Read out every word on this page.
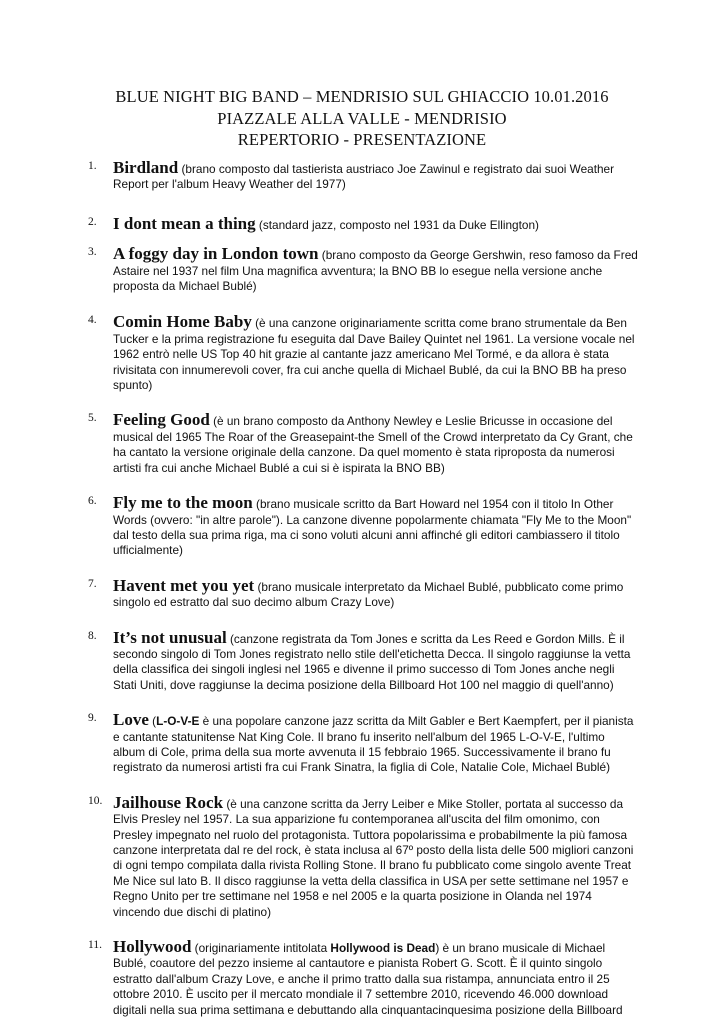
BLUE NIGHT BIG BAND – MENDRISIO SUL GHIACCIO 10.01.2016
PIAZZALE ALLA VALLE - MENDRISIO
REPERTORIO - PRESENTAZIONE
1. Birdland (brano composto dal tastierista austriaco Joe Zawinul e registrato dai suoi Weather Report per l'album Heavy Weather del 1977)
2. I dont mean a thing (standard jazz, composto nel 1931 da Duke Ellington)
3. A foggy day in London town (brano composto da George Gershwin, reso famoso da Fred Astaire nel 1937 nel film Una magnifica avventura; la BNO BB lo esegue nella versione anche proposta da Michael Bublé)
4. Comin Home Baby (è una canzone originariamente scritta come brano strumentale da Ben Tucker e la prima registrazione fu eseguita dal Dave Bailey Quintet nel 1961. La versione vocale nel 1962 entrò nelle US Top 40 hit grazie al cantante jazz americano Mel Tormé, e da allora è stata rivisitata con innumerevoli cover, fra cui anche quella di Michael Bublé, da cui la BNO BB ha preso spunto)
5. Feeling Good (è un brano composto da Anthony Newley e Leslie Bricusse in occasione del musical del 1965 The Roar of the Greasepaint-the Smell of the Crowd interpretato da Cy Grant, che ha cantato la versione originale della canzone. Da quel momento è stata riproposta da numerosi artisti fra cui anche Michael Bublé a cui si è ispirata la BNO BB)
6. Fly me to the moon (brano musicale scritto da Bart Howard nel 1954 con il titolo In Other Words (ovvero: "in altre parole"). La canzone divenne popolarmente chiamata "Fly Me to the Moon" dal testo della sua prima riga, ma ci sono voluti alcuni anni affinché gli editori cambiassero il titolo ufficialmente)
7. Havent met you yet (brano musicale interpretato da Michael Bublé, pubblicato come primo singolo ed estratto dal suo decimo album Crazy Love)
8. It’s not unusual (canzone registrata da Tom Jones e scritta da Les Reed e Gordon Mills. È il secondo singolo di Tom Jones registrato nello stile dell'etichetta Decca. Il singolo raggiunse la vetta della classifica dei singoli inglesi nel 1965 e divenne il primo successo di Tom Jones anche negli Stati Uniti, dove raggiunse la decima posizione della Billboard Hot 100 nel maggio di quell'anno)
9. Love (L-O-V-E è una popolare canzone jazz scritta da Milt Gabler e Bert Kaempfert, per il pianista e cantante statunitense Nat King Cole. Il brano fu inserito nell'album del 1965 L-O-V-E, l'ultimo album di Cole, prima della sua morte avvenuta il 15 febbraio 1965. Successivamente il brano fu registrato da numerosi artisti fra cui Frank Sinatra, la figlia di Cole, Natalie Cole, Michael Bublé)
10. Jailhouse Rock (è una canzone scritta da Jerry Leiber e Mike Stoller, portata al successo da Elvis Presley nel 1957. La sua apparizione fu contemporanea all'uscita del film omonimo, con Presley impegnato nel ruolo del protagonista. Tuttora popolarissima e probabilmente la più famosa canzone interpretata dal re del rock, è stata inclusa al 67º posto della lista delle 500 migliori canzoni di ogni tempo compilata dalla rivista Rolling Stone. Il brano fu pubblicato come singolo avente Treat Me Nice sul lato B. Il disco raggiunse la vetta della classifica in USA per sette settimane nel 1957 e Regno Unito per tre settimane nel 1958 e nel 2005 e la quarta posizione in Olanda nel 1974 vincendo due dischi di platino)
11. Hollywood (originariamente intitolata Hollywood is Dead) è un brano musicale di Michael Bublé, coautore del pezzo insieme al cantautore e pianista Robert G. Scott. È il quinto singolo estratto dall'album Crazy Love, e anche il primo tratto dalla sua ristampa, annunciata entro il 25 ottobre 2010. È uscito per il mercato mondiale il 7 settembre 2010, ricevendo 46.000 download digitali nella sua prima settimana e debuttando alla cinquantacinquesima posizione della Billboard
